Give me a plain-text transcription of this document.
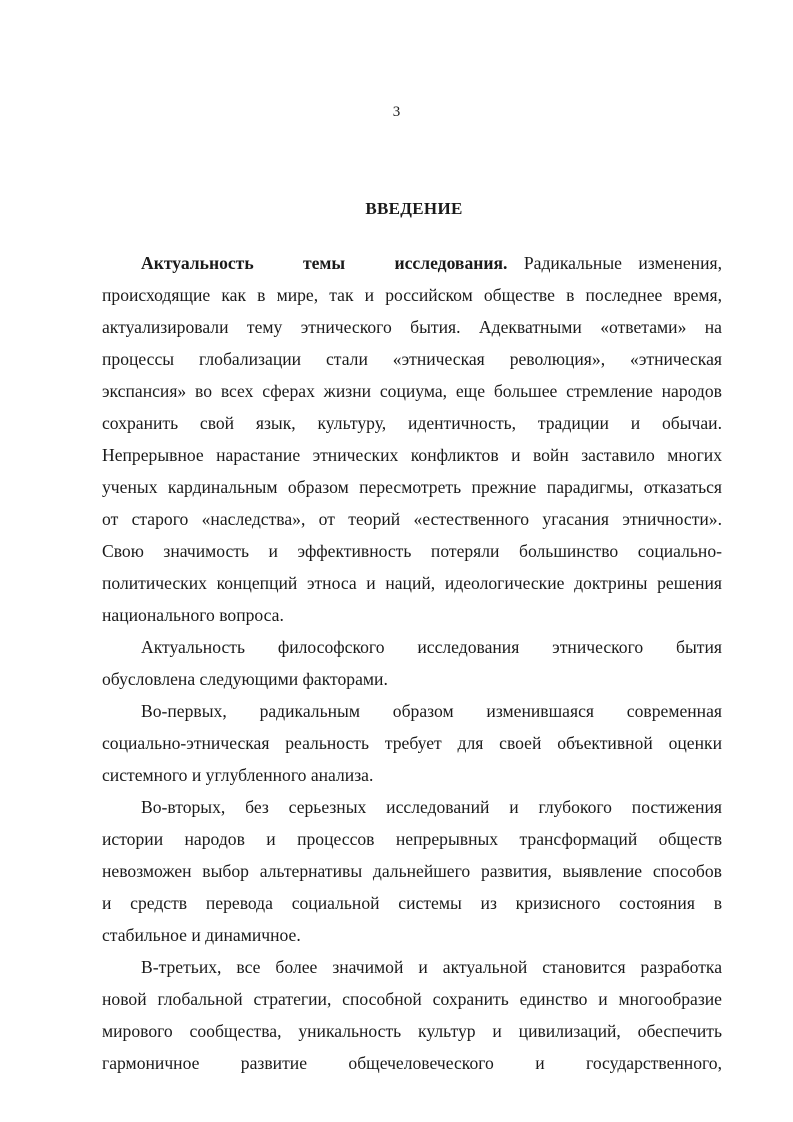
3
ВВЕДЕНИЕ
Актуальность   темы   исследования. Радикальные изменения,
происходящие как в мире, так и российском обществе в последнее время,
актуализировали тему этнического бытия. Адекватными «ответами» на
процессы глобализации стали «этническая революция», «этническая
экспансия» во всех сферах жизни социума, еще большее стремление народов
сохранить свой язык, культуру, идентичность, традиции и обычаи.
Непрерывное нарастание этнических конфликтов и войн заставило многих
ученых кардинальным образом пересмотреть прежние парадигмы, отказаться
от старого «наследства», от теорий «естественного угасания этничности».
Свою значимость и эффективность потеряли большинство социально-
политических концепций этноса и наций, идеологические доктрины решения
национального вопроса.
Актуальность философского исследования этнического бытия
обусловлена следующими факторами.
Во-первых, радикальным образом изменившаяся современная
социально-этническая реальность требует для своей объективной оценки
системного и углубленного анализа.
Во-вторых, без серьезных исследований и глубокого постижения
истории народов и процессов непрерывных трансформаций обществ
невозможен выбор альтернативы дальнейшего развития, выявление способов
и средств перевода социальной системы из кризисного состояния в
стабильное и динамичное.
В-третьих, все более значимой и актуальной становится разработка
новой глобальной стратегии, способной сохранить единство и многообразие
мирового сообщества, уникальность культур и цивилизаций, обеспечить
гармоничное развитие общечеловеческого и государственного,
